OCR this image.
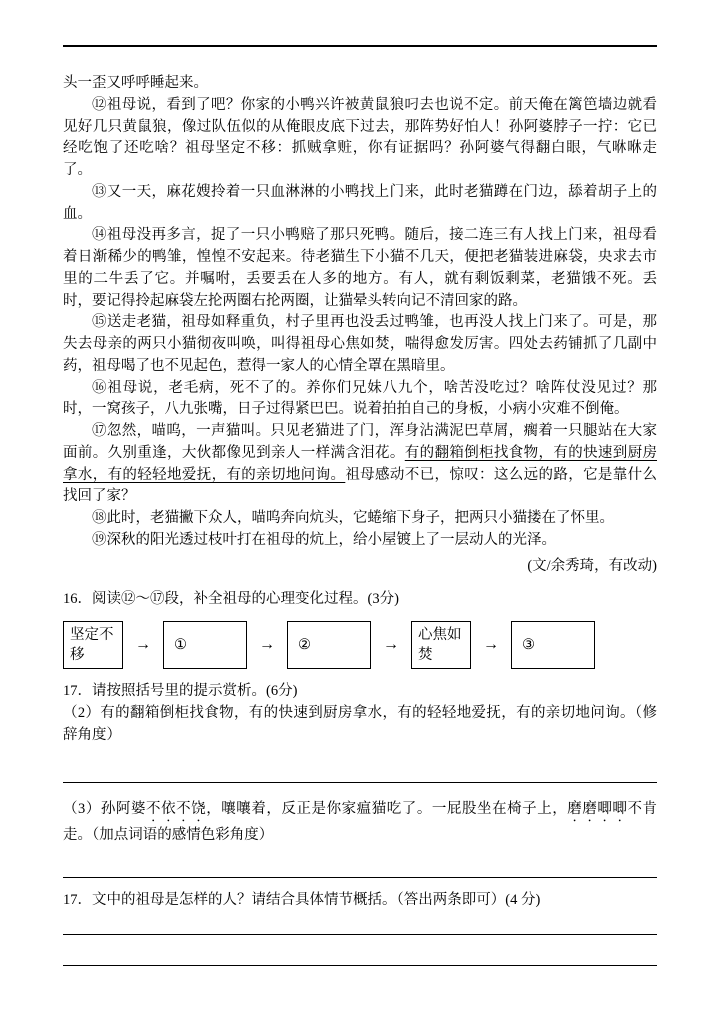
头一歪又呼呼睡起来。

⑫祖母说，看到了吧？你家的小鸭兴许被黄鼠狼叼去也说不定。前天俺在篱笆墙边就看见好几只黄鼠狼，像过队伍似的从俺眼皮底下过去，那阵势好怕人！孙阿婆脖子一拧：它已经吃饱了还吃啥？祖母坚定不移：抓贼拿赃，你有证据吗？孙阿婆气得翻白眼，气咻咻走了。

⑬又一天，麻花嫂拎着一只血淋淋的小鸭找上门来，此时老猫蹲在门边，舔着胡子上的血。

⑭祖母没再多言，捉了一只小鸭赔了那只死鸭。随后，接二连三有人找上门来，祖母看着日渐稀少的鸭雏，惶惶不安起来。待老猫生下小猫不几天，便把老猫装进麻袋，央求去市里的二牛丢了它。并嘱咐，丢要丢在人多的地方。有人，就有剩饭剩菜，老猫饿不死。丢时，要记得拎起麻袋左抡两圈右抡两圈，让猫晕头转向记不清回家的路。

⑮送走老猫，祖母如释重负，村子里再也没丢过鸭雏，也再没人找上门来了。可是，那失去母亲的两只小猫彻夜叫唤，叫得祖母心焦如焚，喘得愈发厉害。四处去药铺抓了几副中药，祖母喝了也不见起色，惹得一家人的心情全罩在黑暗里。

⑯祖母说，老毛病，死不了的。养你们兄妹八九个，啥苦没吃过？啥阵仗没见过？那时，一窝孩子，八九张嘴，日子过得紧巴巴。说着拍拍自己的身板，小病小灾难不倒俺。

⑰忽然，喵呜，一声猫叫。只见老猫进了门，浑身沾满泥巴草屑，瘸着一只腿站在大家面前。久别重逢，大伙都像见到亲人一样满含泪花。有的翻箱倒柜找食物，有的快速到厨房拿水，有的轻轻地爱抚，有的亲切地问询。祖母感动不已，惊叹：这么远的路，它是靠什么找回了家？

⑱此时，老猫撇下众人，喵呜奔向炕头，它蜷缩下身子，把两只小猫搂在了怀里。

⑲深秋的阳光透过枝叶打在祖母的炕上，给小屋镀上了一层动人的光泽。

(文/余秀琦，有改动)

16．阅读⑫～⑰段，补全祖母的心理变化过程。(3分)

坚定不移
→	①	→	②	→
心焦如焚
→	③

17．请按照括号里的提示赏析。(6分)

（2）有的翻箱倒柜找食物，有的快速到厨房拿水，有的轻轻地爱抚，有的亲切地问询。（修辞角度）

（3）孙阿婆不依不饶，嚷嚷着，反正是你家瘟猫吃了。一屁股坐在椅子上，磨磨唧唧不肯走。（加点词语的感情色彩角度）

17．文中的祖母是怎样的人？请结合具体情节概括。（答出两条即可）(4 分)
